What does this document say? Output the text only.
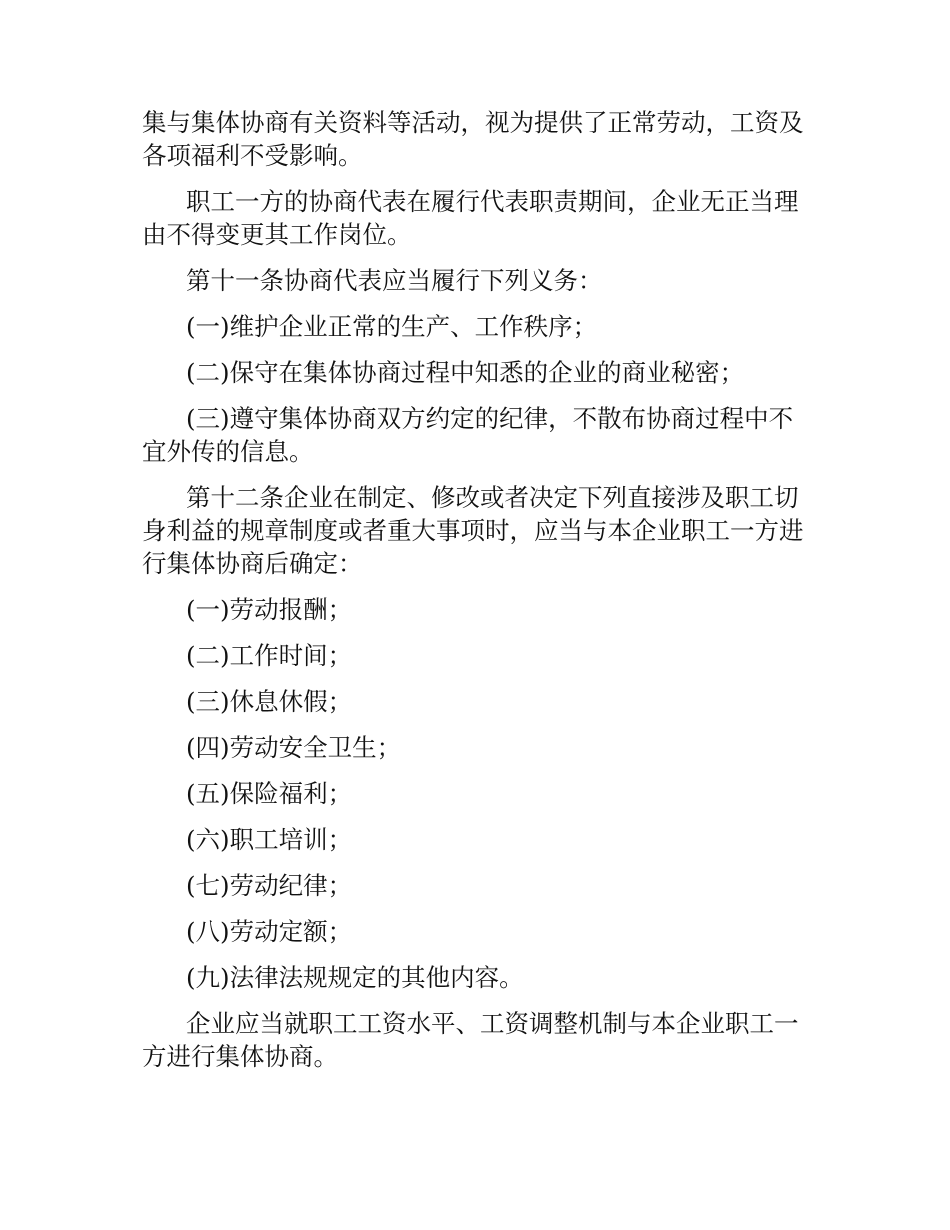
集与集体协商有关资料等活动，视为提供了正常劳动，工资及各项福利不受影响。

职工一方的协商代表在履行代表职责期间，企业无正当理由不得变更其工作岗位。

第十一条协商代表应当履行下列义务：

(一)维护企业正常的生产、工作秩序；

(二)保守在集体协商过程中知悉的企业的商业秘密；

(三)遵守集体协商双方约定的纪律，不散布协商过程中不宜外传的信息。

第十二条企业在制定、修改或者决定下列直接涉及职工切身利益的规章制度或者重大事项时，应当与本企业职工一方进行集体协商后确定：

(一)劳动报酬；

(二)工作时间；

(三)休息休假；

(四)劳动安全卫生；

(五)保险福利；

(六)职工培训；

(七)劳动纪律；

(八)劳动定额；

(九)法律法规规定的其他内容。

企业应当就职工工资水平、工资调整机制与本企业职工一方进行集体协商。
